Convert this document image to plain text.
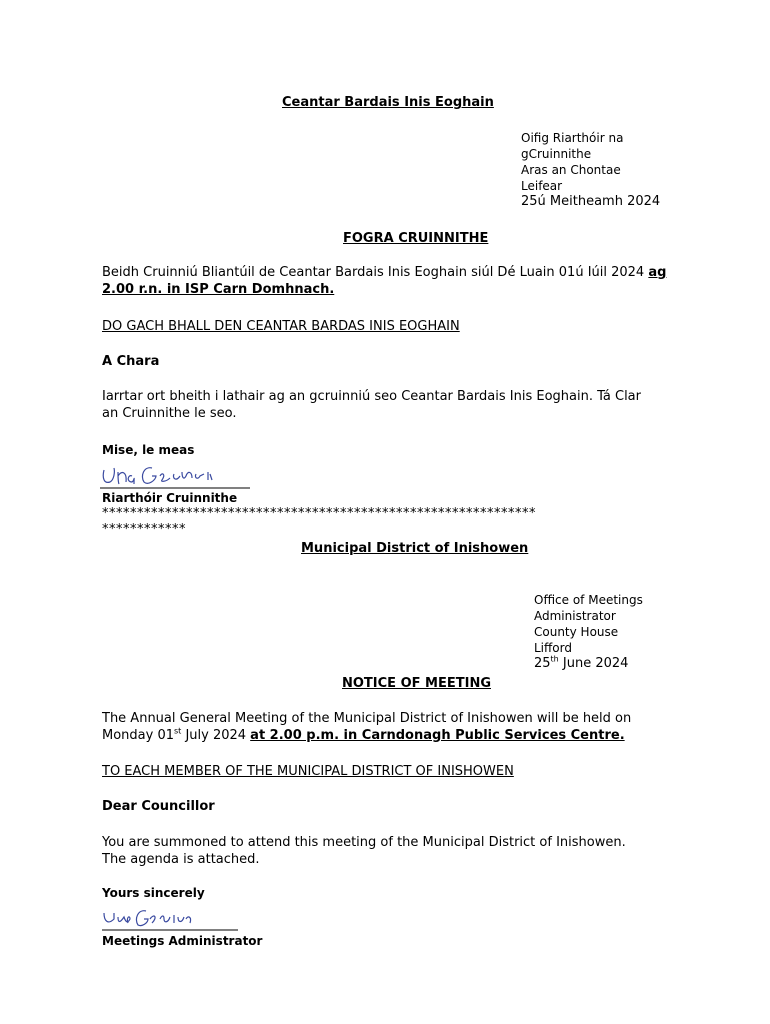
Ceantar Bardais Inis Eoghain
Oifig Riarthóir na
gCruinnithe
Aras an Chontae
Leifear
25ú Meitheamh 2024
FOGRA CRUINNITHE
Beidh Cruinniú Bliantúil de Ceantar Bardais Inis Eoghain siúl Dé Luain 01ú Iúil 2024 ag
2.00 r.n. in ISP Carn Domhnach.
DO GACH BHALL DEN CEANTAR BARDAS INIS EOGHAIN
A Chara
Iarrtar ort bheith i lathair ag an gcruinniú seo Ceantar Bardais Inis Eoghain. Tá Clar
an Cruinnithe le seo.
Mise, le meas
Riarthóir Cruinnithe
**************************************************************
************
Municipal District of Inishowen
Office of Meetings
Administrator
County House
Lifford
25th June 2024
NOTICE OF MEETING
The Annual General Meeting of the Municipal District of Inishowen will be held on
Monday 01st July 2024 at 2.00 p.m. in Carndonagh Public Services Centre.
TO EACH MEMBER OF THE MUNICIPAL DISTRICT OF INISHOWEN
Dear Councillor
You are summoned to attend this meeting of the Municipal District of Inishowen.
The agenda is attached.
Yours sincerely
Meetings Administrator
